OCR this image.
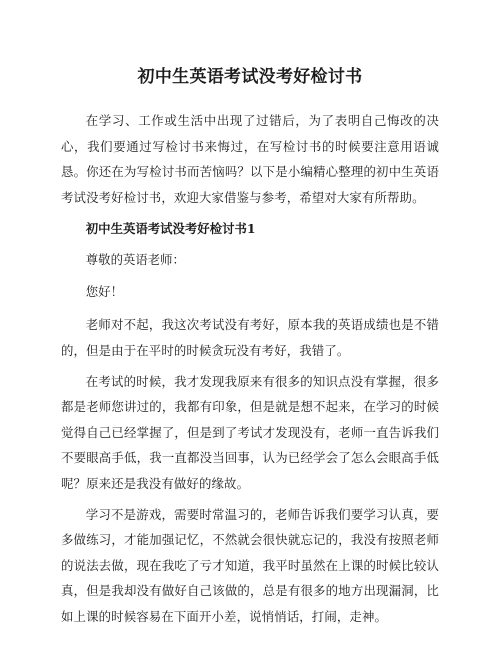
初中生英语考试没考好检讨书

在学习、工作或生活中出现了过错后，为了表明自己悔改的决心，我们要通过写检讨书来悔过，在写检讨书的时候要注意用语诚恳。你还在为写检讨书而苦恼吗？以下是小编精心整理的初中生英语考试没考好检讨书，欢迎大家借鉴与参考，希望对大家有所帮助。

初中生英语考试没考好检讨书1
尊敬的英语老师：
您好！

老师对不起，我这次考试没有考好，原本我的英语成绩也是不错的，但是由于在平时的时候贪玩没有考好，我错了。

在考试的时候，我才发现我原来有很多的知识点没有掌握，很多都是老师您讲过的，我都有印象，但是就是想不起来，在学习的时候觉得自己已经掌握了，但是到了考试才发现没有，老师一直告诉我们不要眼高手低，我一直都没当回事，认为已经学会了怎么会眼高手低呢？原来还是我没有做好的缘故。

学习不是游戏，需要时常温习的，老师告诉我们要学习认真，要多做练习，才能加强记忆，不然就会很快就忘记的，我没有按照老师的说法去做，现在我吃了亏才知道，我平时虽然在上课的时候比较认真，但是我却没有做好自己该做的，总是有很多的地方出现漏洞，比如上课的时候容易在下面开小差，说悄悄话，打闹，走神。
